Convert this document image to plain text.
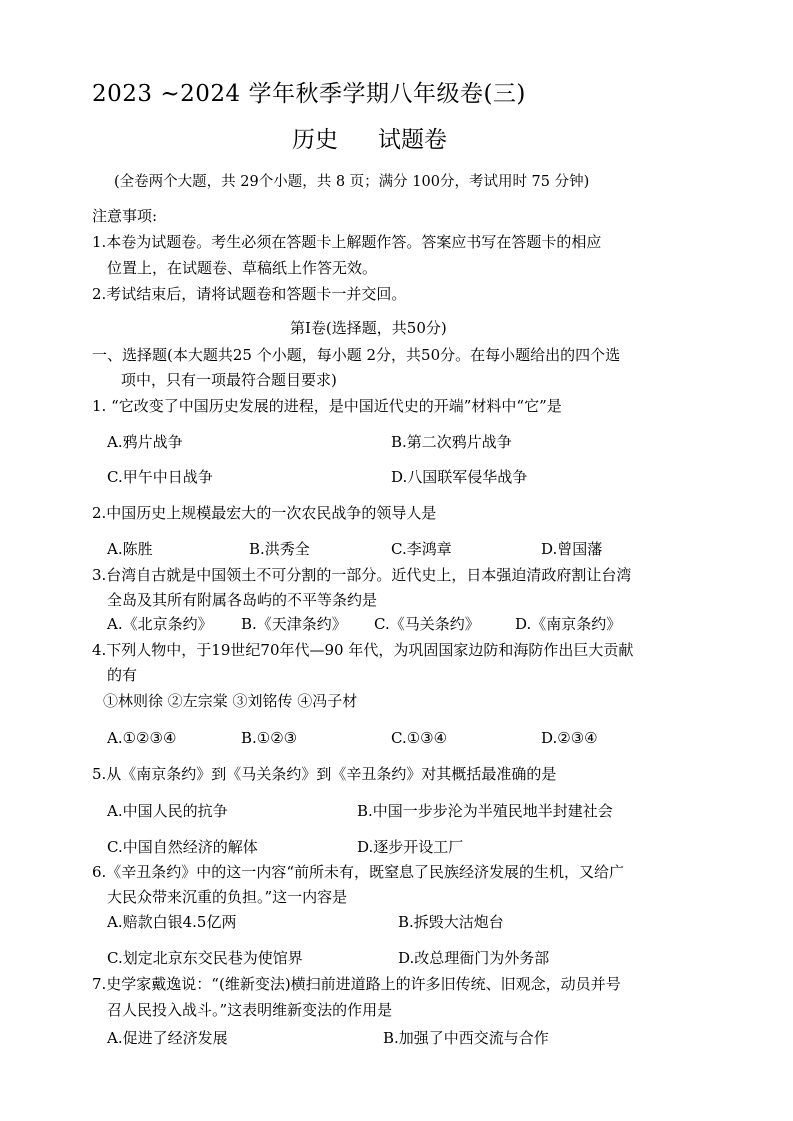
2023 ~2024 学年秋季学期八年级卷(三)
历史 试题卷
(全卷两个大题，共 29个小题，共 8 页；满分 100分，考试用时 75 分钟)
注意事项:
1.本卷为试题卷。考生必须在答题卡上解题作答。答案应书写在答题卡的相应
位置上，在试题卷、草稿纸上作答无效。
2.考试结束后，请将试题卷和答题卡一并交回。
第Ⅰ卷(选择题，共50分)
一、选择题(本大题共25 个小题，每小题 2分，共50分。在每小题给出的四个选
项中，只有一项最符合题目要求)
1. “它改变了中国历史发展的进程，是中国近代史的开端”材料中“它”是
A.鸦片战争	B.第二次鸦片战争
C.甲午中日战争	D.八国联军侵华战争
2.中国历史上规模最宏大的一次农民战争的领导人是
A.陈胜	B.洪秀全	C.李鸿章	D.曾国藩
3.台湾自古就是中国领土不可分割的一部分。近代史上，日本强迫清政府割让台湾
全岛及其所有附属各岛屿的不平等条约是
A.《北京条约》 B.《天津条约》 C.《马关条约》 D.《南京条约》
4.下列人物中，于19世纪70年代—90 年代，为巩固国家边防和海防作出巨大贡献
的有
①林则徐 ②左宗棠 ③刘铭传 ④冯子材
A.①②③④	B.①②③	C.①③④	D.②③④
5.从《南京条约》到《马关条约》到《辛丑条约》对其概括最准确的是
A.中国人民的抗争	B.中国一步步沦为半殖民地半封建社会
C.中国自然经济的解体	D.逐步开设工厂
6.《辛丑条约》中的这一内容“前所未有，既窒息了民族经济发展的生机，又给广
大民众带来沉重的负担。”这一内容是
A.赔款白银4.5亿两	B.拆毁大沽炮台
C.划定北京东交民巷为使馆界	D.改总理衙门为外务部
7.史学家戴逸说：“(维新变法)横扫前进道路上的许多旧传统、旧观念，动员并号
召人民投入战斗。”这表明维新变法的作用是
A.促进了经济发展	B.加强了中西交流与合作
